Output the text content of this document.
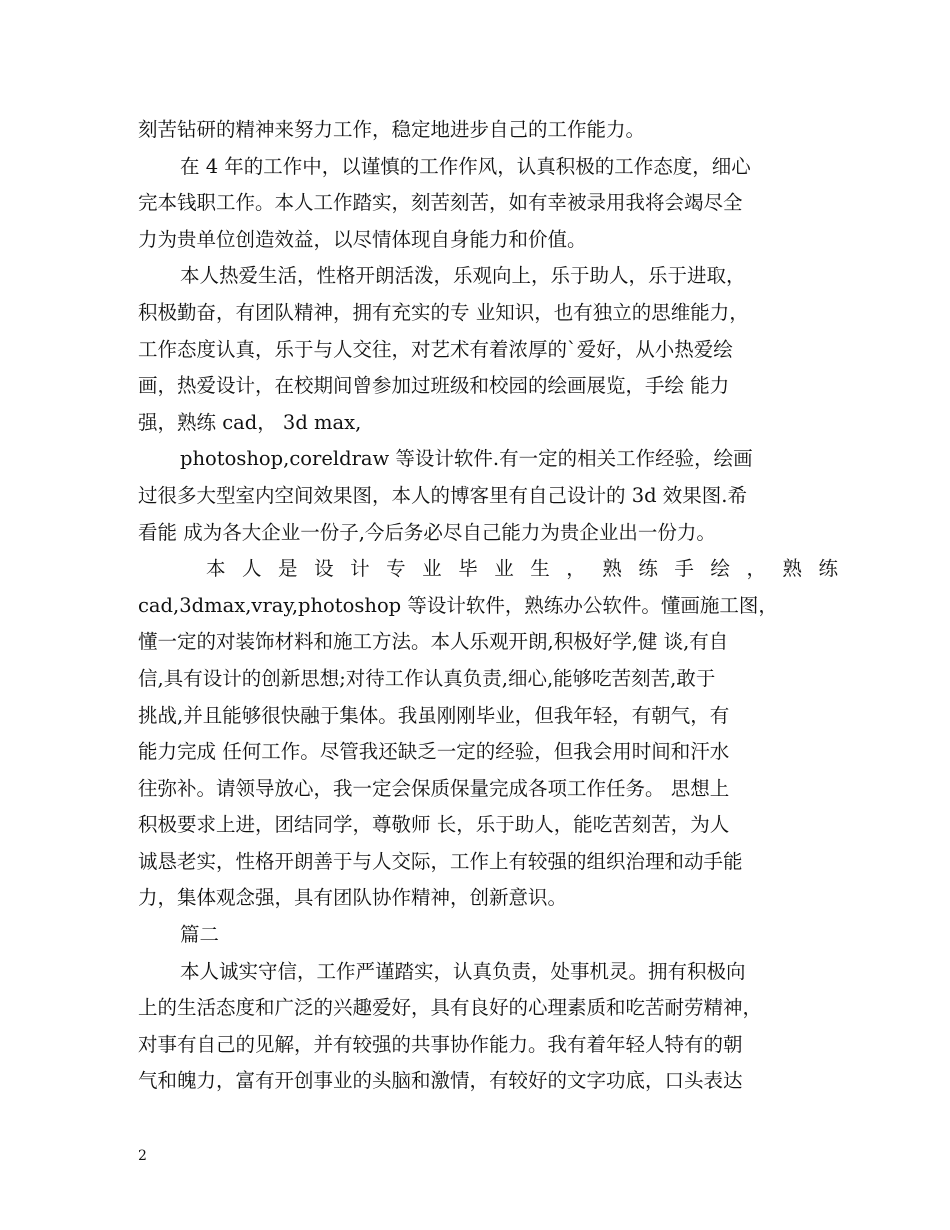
刻苦钻研的精神来努力工作，稳定地进步自己的工作能力。
在 4 年的工作中，以谨慎的工作作风，认真积极的工作态度，细心
完本钱职工作。本人工作踏实，刻苦刻苦，如有幸被录用我将会竭尽全
力为贵单位创造效益，以尽情体现自身能力和价值。
本人热爱生活，性格开朗活泼，乐观向上，乐于助人，乐于进取，
积极勤奋，有团队精神，拥有充实的专 业知识，也有独立的思维能力，
工作态度认真，乐于与人交往，对艺术有着浓厚的`爱好，从小热爱绘
画，热爱设计，在校期间曾参加过班级和校园的绘画展览，手绘 能力
强，熟练 cad， 3d max,
photoshop,coreldraw 等设计软件.有一定的相关工作经验，绘画
过很多大型室内空间效果图，本人的博客里有自己设计的 3d 效果图.希
看能 成为各大企业一份子,今后务必尽自己能力为贵企业出一份力。
本 人 是 设 计 专 业 毕 业 生 ， 熟 练 手 绘 ， 熟 练
cad,3dmax,vray,photoshop 等设计软件，熟练办公软件。懂画施工图，
懂一定的对装饰材料和施工方法。本人乐观开朗,积极好学,健 谈,有自
信,具有设计的创新思想;对待工作认真负责,细心,能够吃苦刻苦,敢于
挑战,并且能够很快融于集体。我虽刚刚毕业，但我年轻，有朝气，有
能力完成 任何工作。尽管我还缺乏一定的经验，但我会用时间和汗水
往弥补。请领导放心，我一定会保质保量完成各项工作任务。 思想上
积极要求上进，团结同学，尊敬师 长，乐于助人，能吃苦刻苦，为人
诚恳老实，性格开朗善于与人交际，工作上有较强的组织治理和动手能
力，集体观念强，具有团队协作精神，创新意识。
篇二
本人诚实守信，工作严谨踏实，认真负责，处事机灵。拥有积极向
上的生活态度和广泛的兴趣爱好，具有良好的心理素质和吃苦耐劳精神，
对事有自己的见解，并有较强的共事协作能力。我有着年轻人特有的朝
气和魄力，富有开创事业的头脑和激情，有较好的文字功底，口头表达
2
